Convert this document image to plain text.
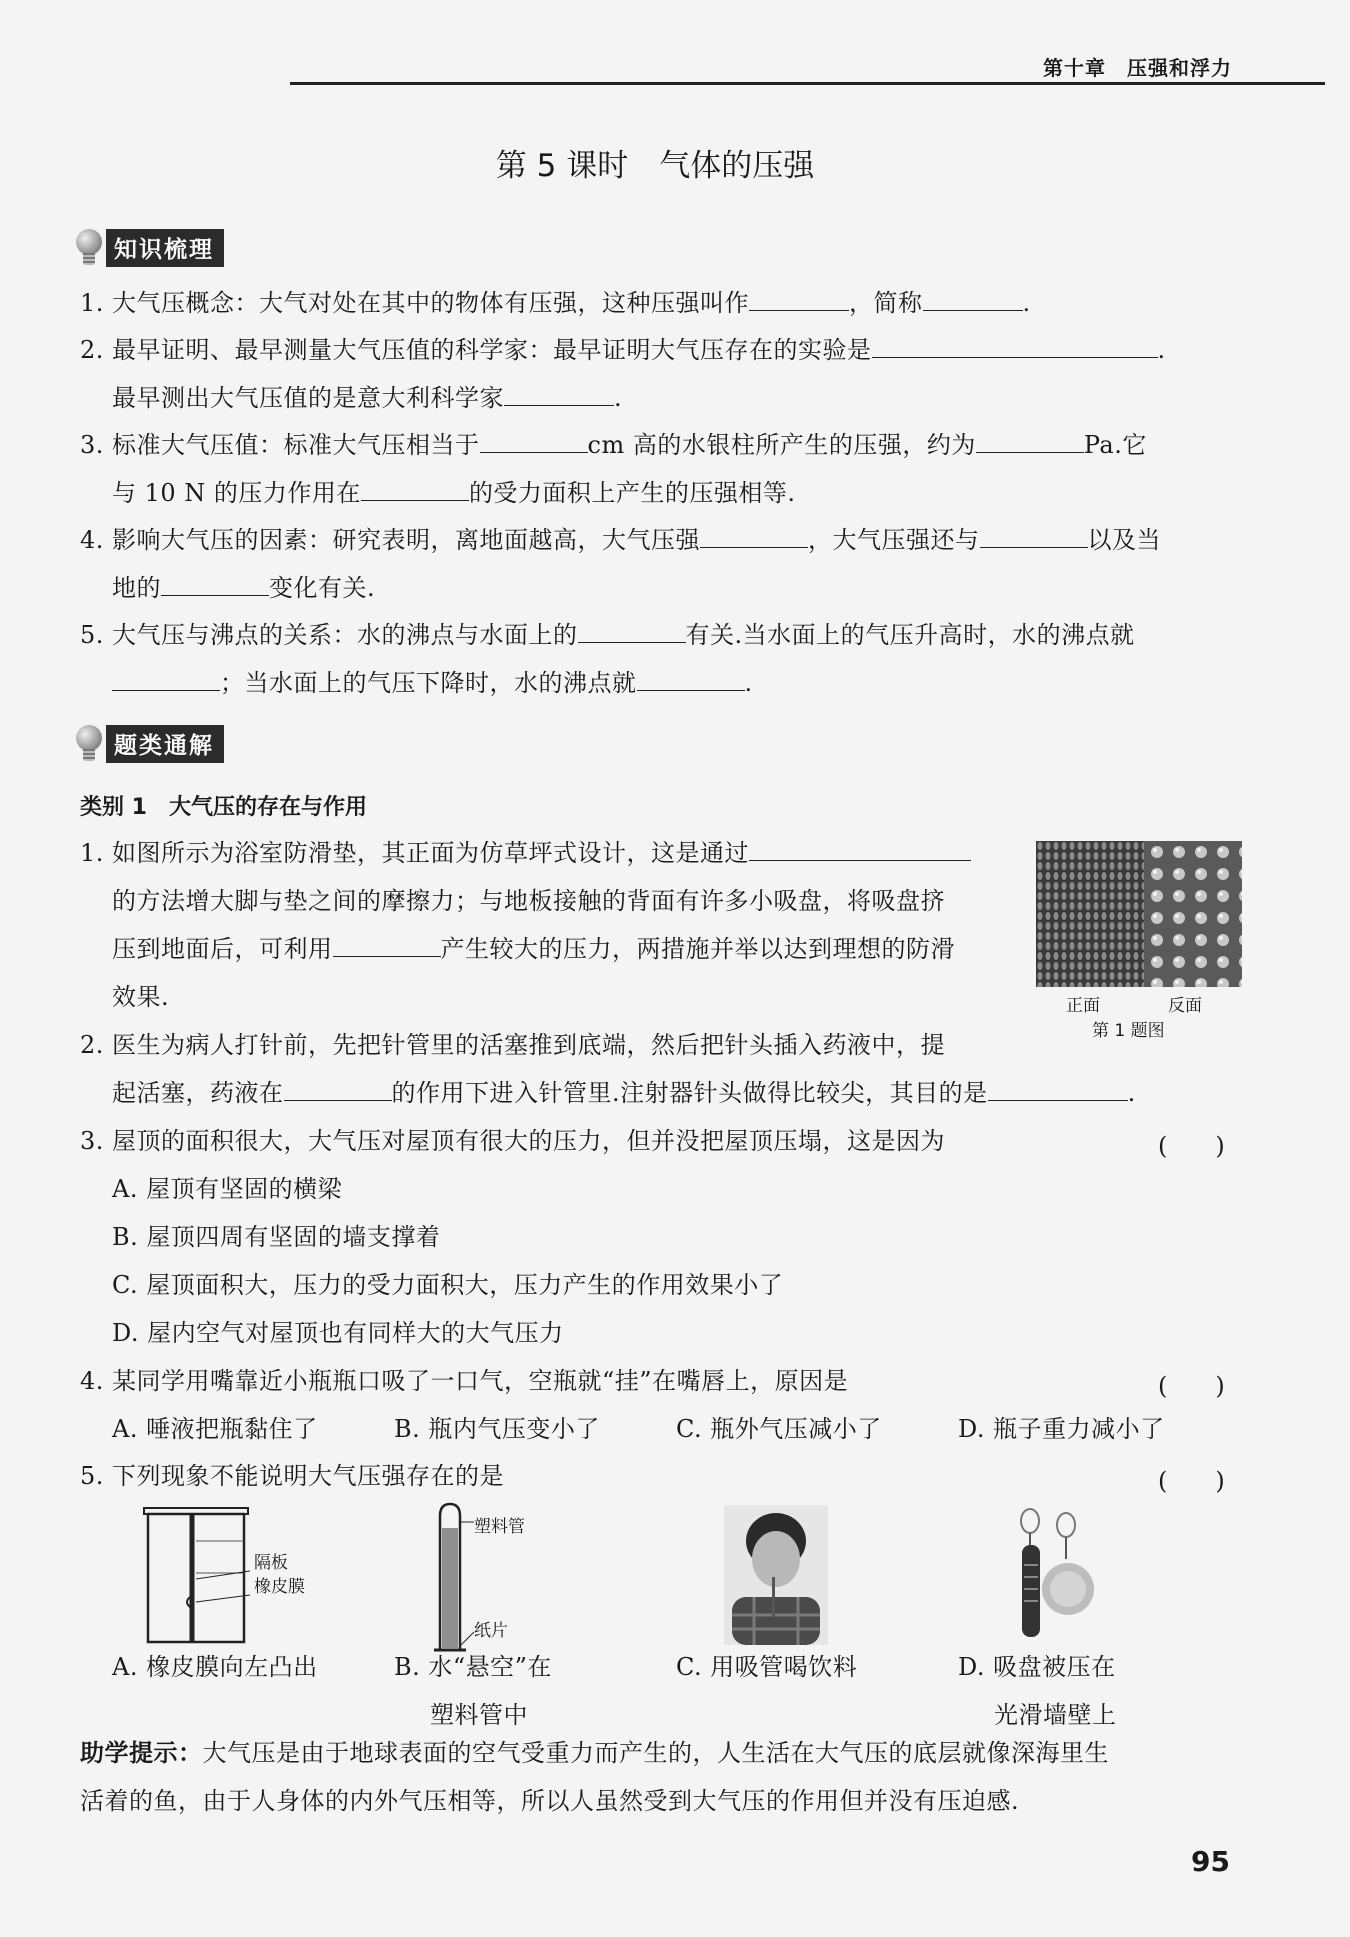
第十章　压强和浮力
第 5 课时　气体的压强
知识梳理
1. 大气压概念：大气对处在其中的物体有压强，这种压强叫作	，简称	.
2. 最早证明、最早测量大气压值的科学家：最早证明大气压存在的实验是	.
最早测出大气压值的是意大利科学家	.
3. 标准大气压值：标准大气压相当于	cm 高的水银柱所产生的压强，约为	Pa.它
与 10 N 的压力作用在	的受力面积上产生的压强相等.
4. 影响大气压的因素：研究表明，离地面越高，大气压强	，大气压强还与	以及当
地的	变化有关.
5. 大气压与沸点的关系：水的沸点与水面上的	有关.当水面上的气压升高时，水的沸点就
；当水面上的气压下降时，水的沸点就	.
题类通解
类别 1　大气压的存在与作用
1. 如图所示为浴室防滑垫，其正面为仿草坪式设计，这是通过
的方法增大脚与垫之间的摩擦力；与地板接触的背面有许多小吸盘，将吸盘挤
压到地面后，可利用	产生较大的压力，两措施并举以达到理想的防滑
效果.	正面	反面
第 1 题图
2. 医生为病人打针前，先把针管里的活塞推到底端，然后把针头插入药液中，提
起活塞，药液在	的作用下进入针管里.注射器针头做得比较尖，其目的是	.
3. 屋顶的面积很大，大气压对屋顶有很大的压力，但并没把屋顶压塌，这是因为	(　　)
A. 屋顶有坚固的横梁
B. 屋顶四周有坚固的墙支撑着
C. 屋顶面积大，压力的受力面积大，压力产生的作用效果小了
D. 屋内空气对屋顶也有同样大的大气压力
4. 某同学用嘴靠近小瓶瓶口吸了一口气，空瓶就“挂”在嘴唇上，原因是	(　　)
A. 唾液把瓶黏住了	B. 瓶内气压变小了	C. 瓶外气压减小了	D. 瓶子重力减小了
5. 下列现象不能说明大气压强存在的是	(　　)
隔板
橡皮膜
塑料管
纸片
A. 橡皮膜向左凸出	B. 水“悬空”在
塑料管中
C. 用吸管喝饮料	D. 吸盘被压在
光滑墙壁上
助学提示：大气压是由于地球表面的空气受重力而产生的，人生活在大气压的底层就像深海里生
活着的鱼，由于人身体的内外气压相等，所以人虽然受到大气压的作用但并没有压迫感.
95
